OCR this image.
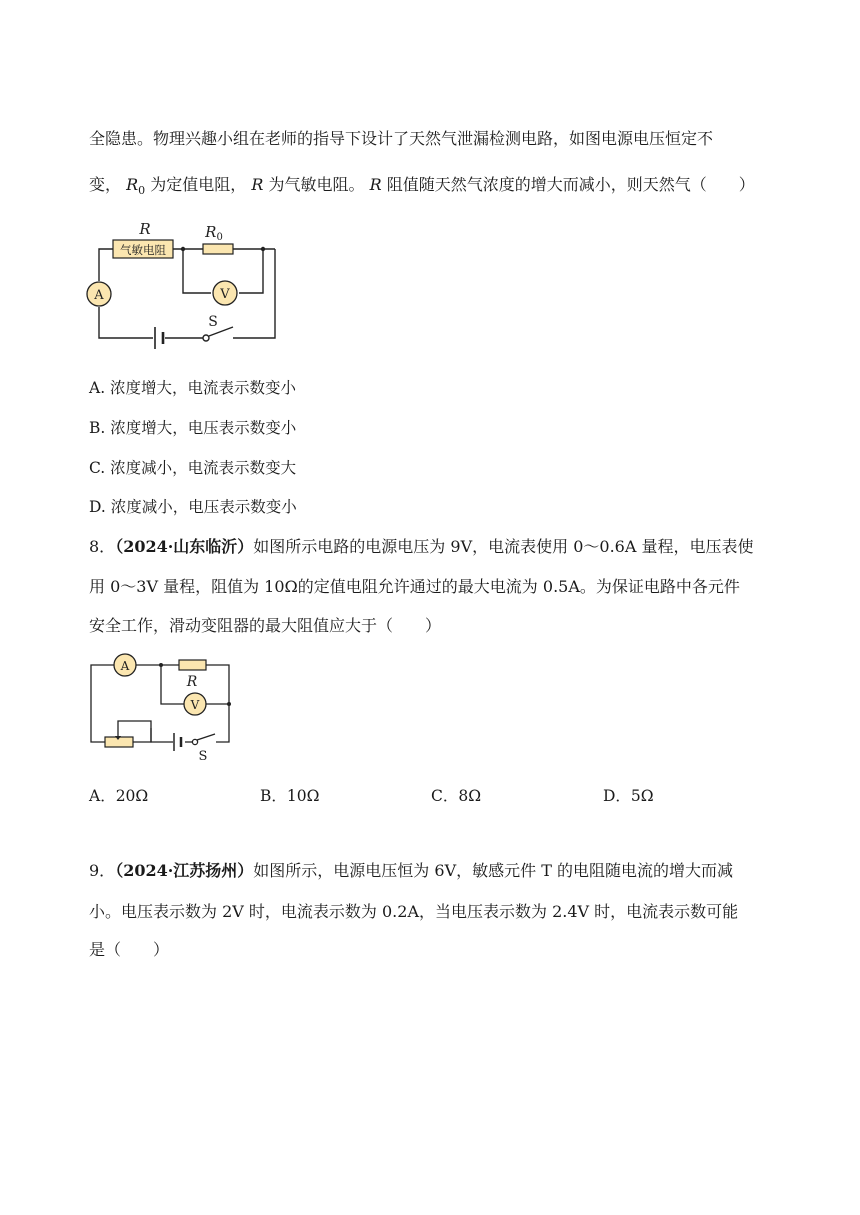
全隐患。物理兴趣小组在老师的指导下设计了天然气泄漏检测电路，如图电源电压恒定不
变， $R_0$ 为定值电阻， R 为气敏电阻。 R 阻值随天然气浓度的增大而减小，则天然气（　　）
气敏电阻
R	$R_0$
A	V
S
A. 浓度增大，电流表示数变小
B. 浓度增大，电压表示数变小
C. 浓度减小，电流表示数变大
D. 浓度减小，电压表示数变小
8．（2024·山东临沂）如图所示电路的电源电压为 9V，电流表使用 0～0.6A 量程，电压表使
用 0～3V 量程，阻值为 10Ω的定值电阻允许通过的最大电流为 0.5A。为保证电路中各元件
安全工作，滑动变阻器的最大阻值应大于（　　）
A
R
V
S
A．20Ω	B．10Ω	C．8Ω	D．5Ω
9．（2024·江苏扬州）如图所示，电源电压恒为 6V，敏感元件 T 的电阻随电流的增大而减
小。电压表示数为 2V 时，电流表示数为 0.2A，当电压表示数为 2.4V 时，电流表示数可能
是（　　）
